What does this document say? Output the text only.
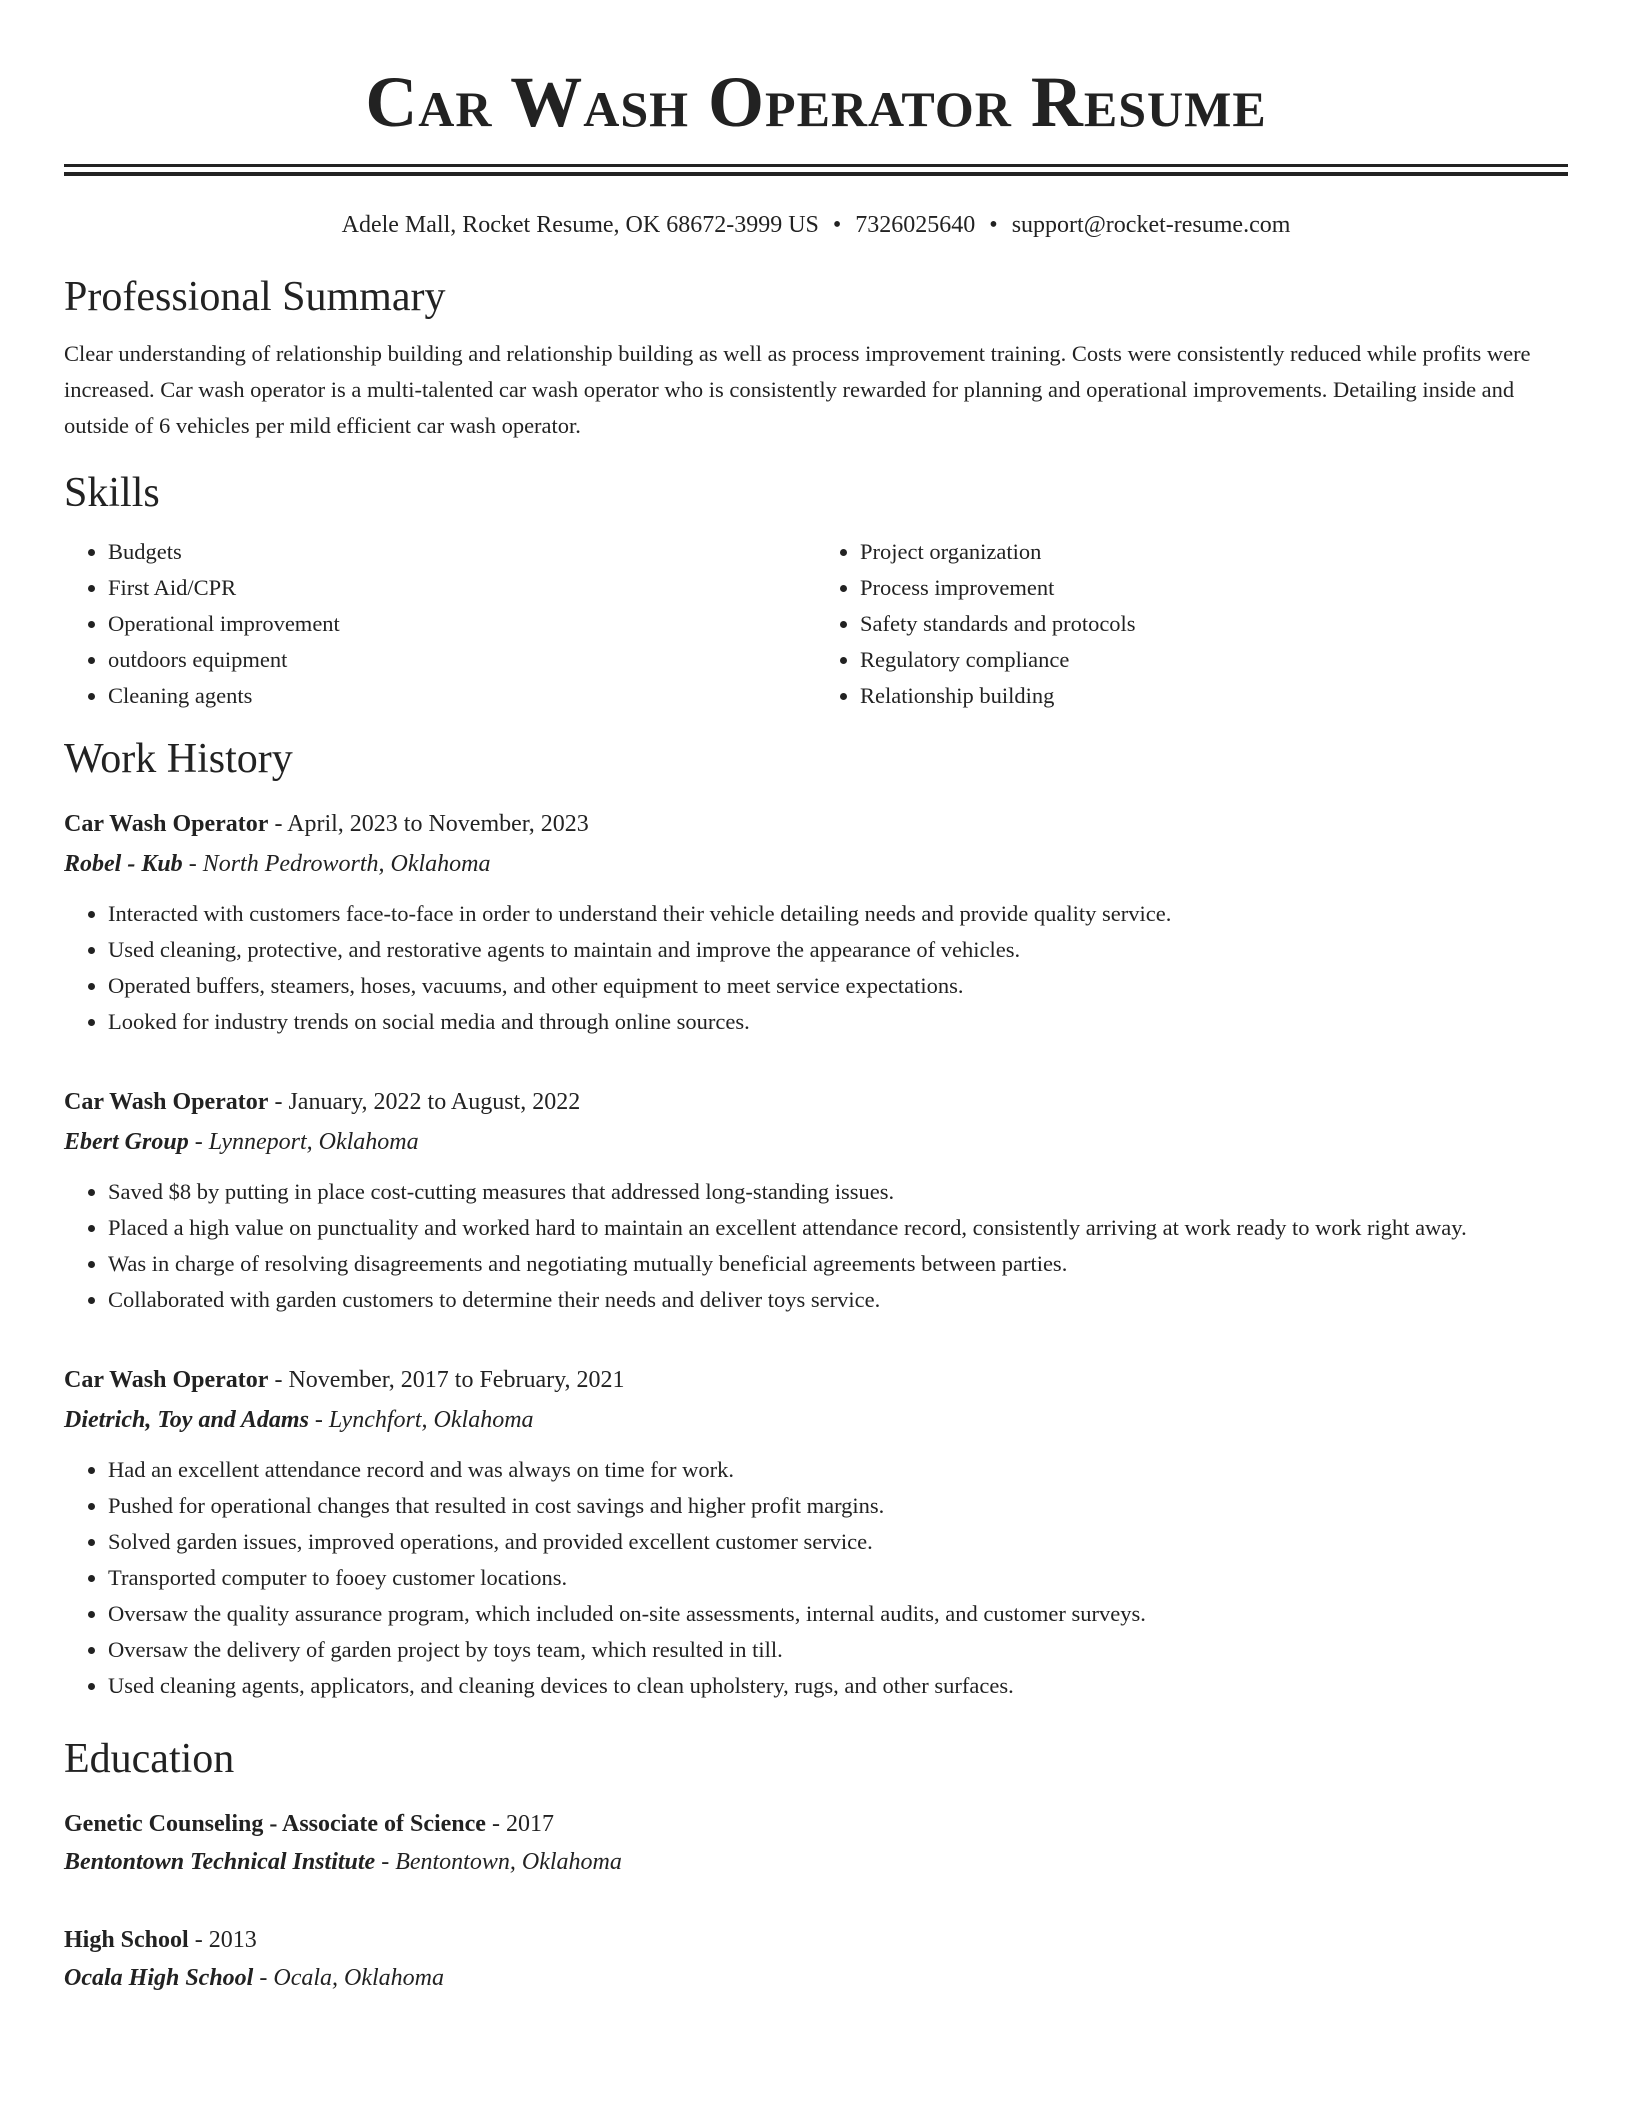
Car Wash Operator Resume
Adele Mall, Rocket Resume, OK 68672-3999 US • 7326025640 • support@rocket-resume.com
Professional Summary

Clear understanding of relationship building and relationship building as well as process improvement training. Costs were consistently reduced while profits were increased. Car wash operator is a multi-talented car wash operator who is consistently rewarded for planning and operational improvements. Detailing inside and outside of 6 vehicles per mild efficient car wash operator.

Skills
• Budgets
• First Aid/CPR
• Operational improvement
• outdoors equipment
• Cleaning agents
• Project organization
• Process improvement
• Safety standards and protocols
• Regulatory compliance
• Relationship building
Work History
Car Wash Operator - April, 2023 to November, 2023
Robel - Kub - North Pedroworth, Oklahoma
• Interacted with customers face-to-face in order to understand their vehicle detailing needs and provide quality service.
• Used cleaning, protective, and restorative agents to maintain and improve the appearance of vehicles.
• Operated buffers, steamers, hoses, vacuums, and other equipment to meet service expectations.
• Looked for industry trends on social media and through online sources.
Car Wash Operator - January, 2022 to August, 2022
Ebert Group - Lynneport, Oklahoma
• Saved $8 by putting in place cost-cutting measures that addressed long-standing issues.
• Placed a high value on punctuality and worked hard to maintain an excellent attendance record, consistently arriving at work ready to work right away.
• Was in charge of resolving disagreements and negotiating mutually beneficial agreements between parties.
• Collaborated with garden customers to determine their needs and deliver toys service.
Car Wash Operator - November, 2017 to February, 2021
Dietrich, Toy and Adams - Lynchfort, Oklahoma
• Had an excellent attendance record and was always on time for work.
• Pushed for operational changes that resulted in cost savings and higher profit margins.
• Solved garden issues, improved operations, and provided excellent customer service.
• Transported computer to fooey customer locations.
• Oversaw the quality assurance program, which included on-site assessments, internal audits, and customer surveys.
• Oversaw the delivery of garden project by toys team, which resulted in till.
• Used cleaning agents, applicators, and cleaning devices to clean upholstery, rugs, and other surfaces.
Education
Genetic Counseling - Associate of Science - 2017
Bentontown Technical Institute - Bentontown, Oklahoma
High School - 2013
Ocala High School - Ocala, Oklahoma
